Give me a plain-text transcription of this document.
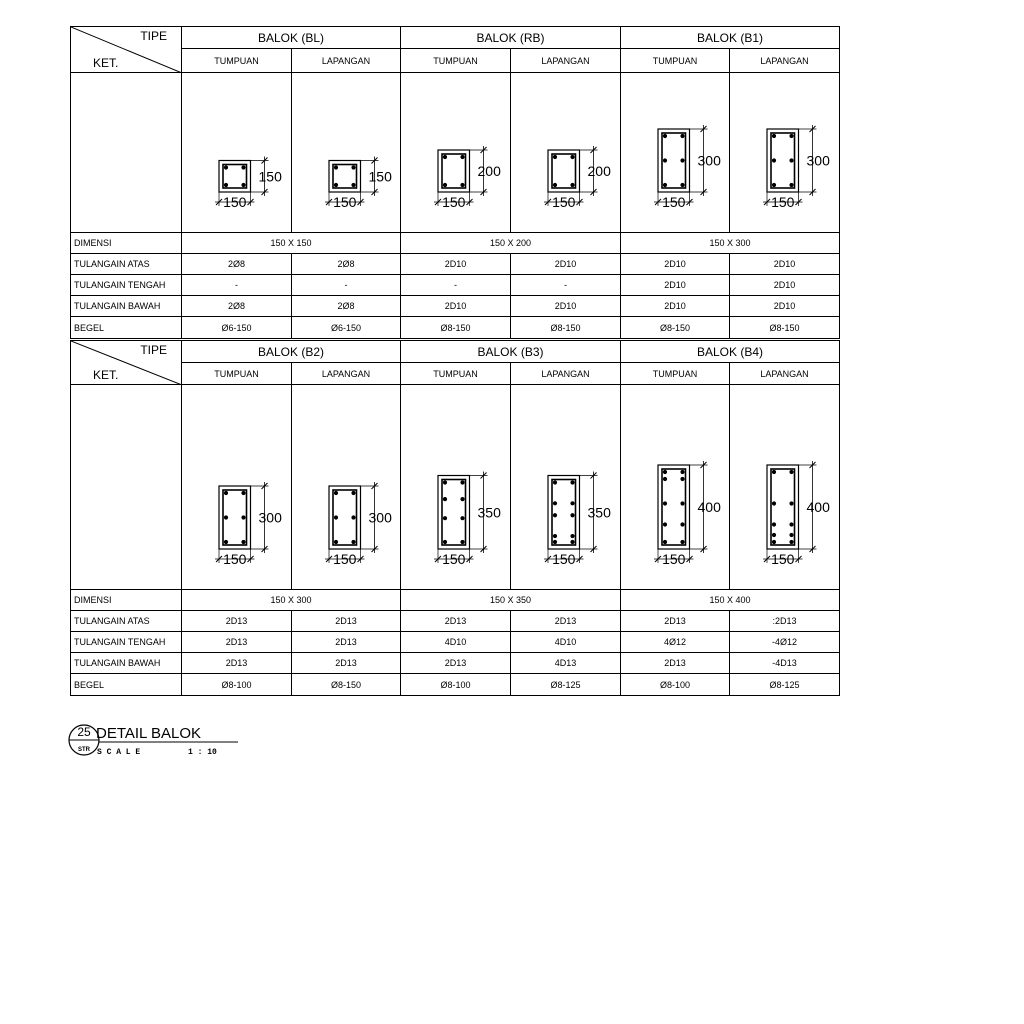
TIPE
KET.	BALOK (BL)		BALOK (RB)		BALOK (B1)	
	TUMPUAN	LAPANGAN	TUMPUAN	LAPANGAN	TUMPUAN	LAPANGAN

150
150	150
150	200
150	200
150	300
150	300
150

DIMENSI	150 X 150		150 X 200		150 X 300	
TULANGAIN ATAS	2Ø8	2Ø8	2D10	2D10	2D10	2D10
TULANGAIN TENGAH	-	-	-	-	2D10	2D10
TULANGAIN BAWAH	2Ø8	2Ø8	2D10	2D10	2D10	2D10
BEGEL	Ø6-150	Ø6-150	Ø8-150	Ø8-150	Ø8-150	Ø8-150
TIPE
KET.	BALOK (B2)		BALOK (B3)		BALOK (B4)	
	TUMPUAN	LAPANGAN	TUMPUAN	LAPANGAN	TUMPUAN	LAPANGAN

300
150	300
150	350
150	350
150	400
150	400
150

DIMENSI	150 X 300		150 X 350		150 X 400	
TULANGAIN ATAS	2D13	2D13	2D13	2D13	2D13	:2D13
TULANGAIN TENGAH	2D13	2D13	4D10	4D10	4Ø12	-4Ø12
TULANGAIN BAWAH	2D13	2D13	2D13	4D13	2D13	-4D13
BEGEL	Ø8-100	Ø8-150	Ø8-100	Ø8-125	Ø8-100	Ø8-125
25
STR
DETAIL BALOK
S C A L E	1 : 10
